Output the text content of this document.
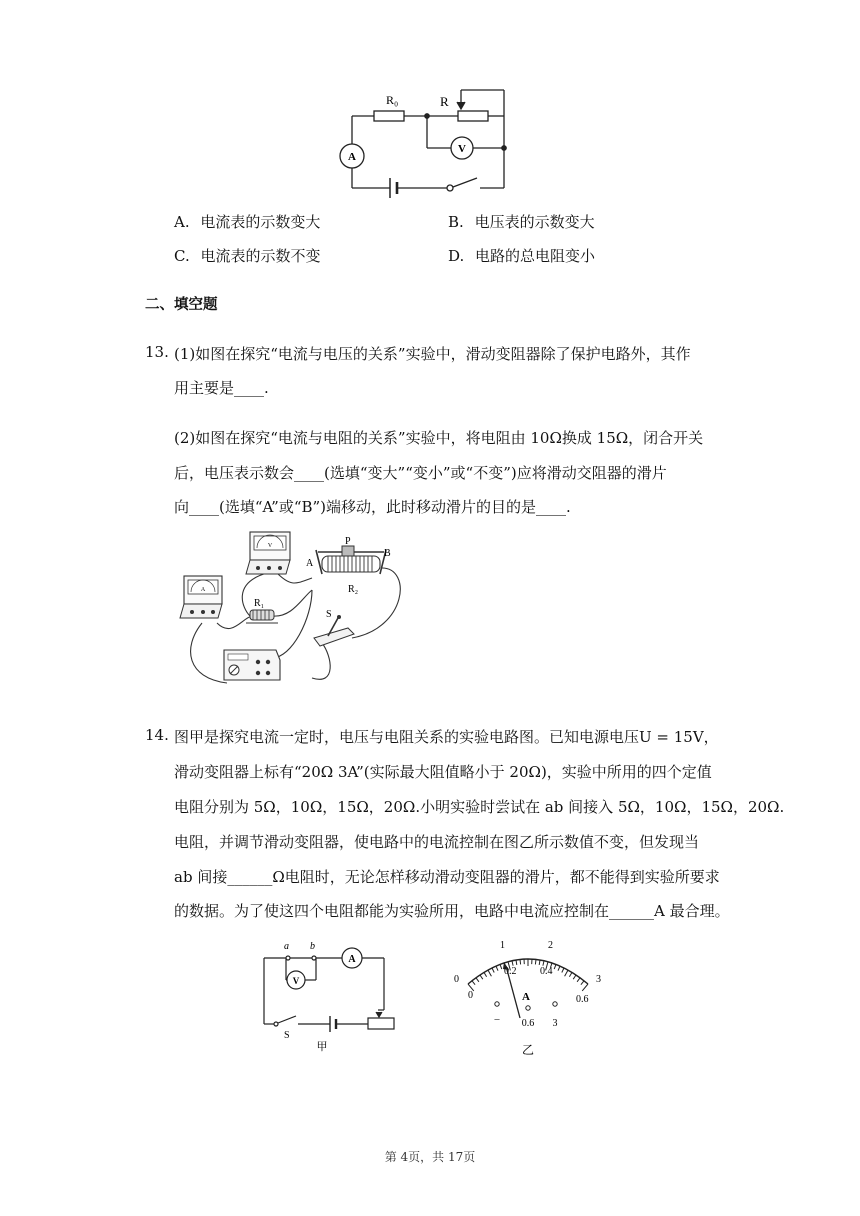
R₀	R
A
V
A. 电流表的示数变大	B. 电压表的示数变大
C. 电流表的示数不变	D. 电路的总电阻变小
二、填空题
13. (1)如图在探究“电流与电压的关系”实验中，滑动变阻器除了保护电路外，其作
用主要是____.
(2)如图在探究“电流与电阻的关系”实验中，将电阻由 10Ω换成 15Ω，闭合开关
后，电压表示数会____(选填“变大”“变小”或“不变”)应将滑动交阻器的滑片
向____(选填“A”或“B”)端移动，此时移动滑片的目的是____.
A
V	P
A
B
R₁
R₂
S
14. 图甲是探究电流一定时，电压与电阻关系的实验电路图。已知电源电压U = 15V，
滑动变阻器上标有“20Ω 3A”(实际最大阻值略小于 20Ω)，实验中所用的四个定值
电阻分别为 5Ω，10Ω，15Ω，20Ω.小明实验时尝试在 ab 间接入 5Ω，10Ω，15Ω，20Ω.
电阻，并调节滑动变阻器，使电路中的电流控制在图乙所示数值不变，但发现当
ab 间接______Ω电阻时，无论怎样移动滑动变阻器的滑片，都不能得到实验所要求
的数据。为了使这四个电阻都能为实验所用，电路中电流应控制在______A 最合理。
a b
A
V
S
甲
0
1	2
3
0
0.2 0.4
0.6
A
– 0.6 3
乙
第 4页，共 17页
